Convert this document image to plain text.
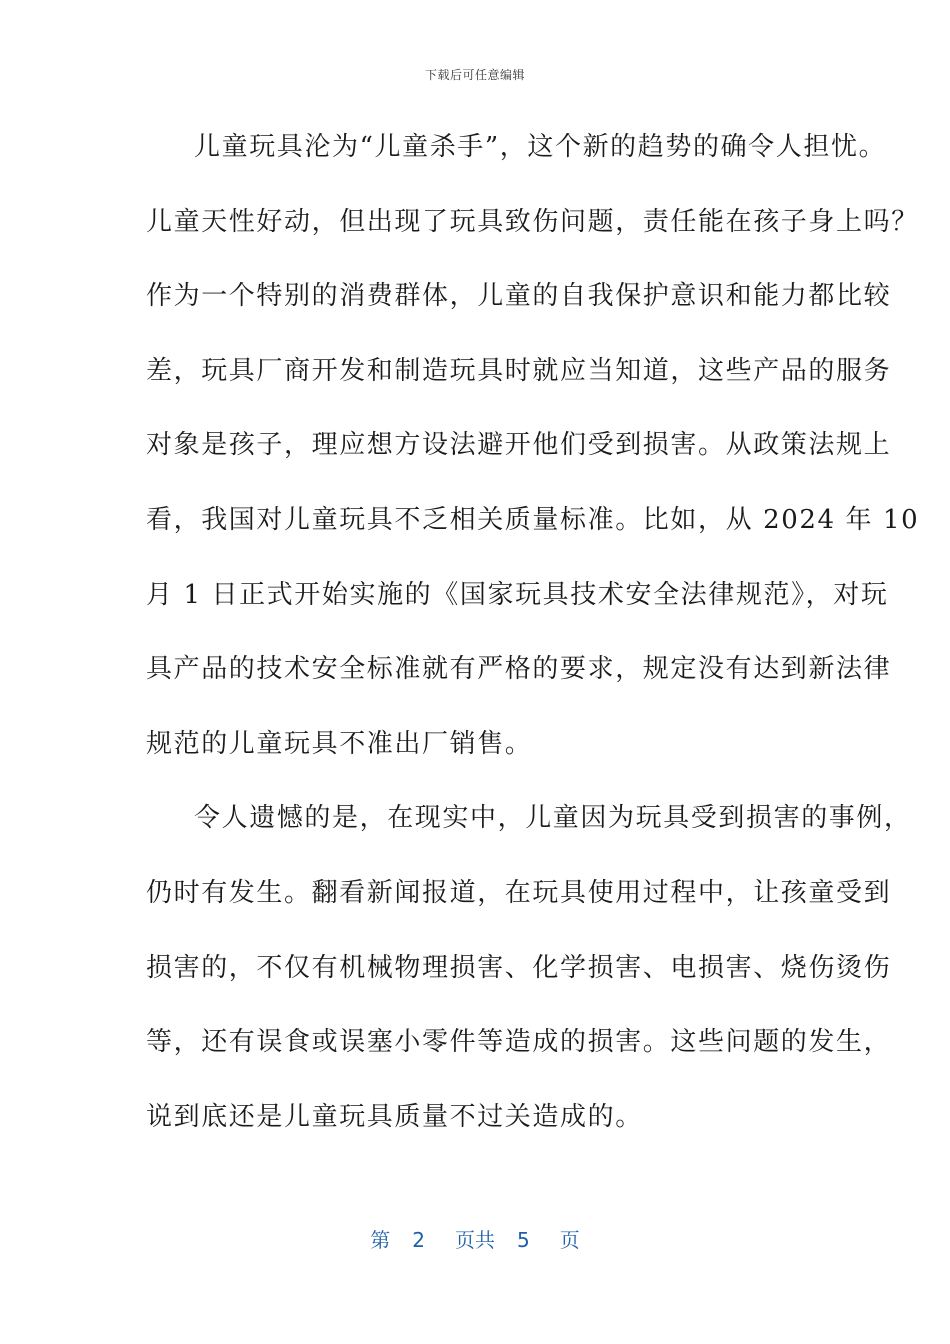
下载后可任意编辑
儿童玩具沦为“儿童杀手”，这个新的趋势的确令人担忧。
儿童天性好动，但出现了玩具致伤问题，责任能在孩子身上吗？
作为一个特别的消费群体，儿童的自我保护意识和能力都比较
差，玩具厂商开发和制造玩具时就应当知道，这些产品的服务
对象是孩子，理应想方设法避开他们受到损害。从政策法规上
看，我国对儿童玩具不乏相关质量标准。比如，从 2024 年 10
月 1 日正式开始实施的《国家玩具技术安全法律规范》，对玩
具产品的技术安全标准就有严格的要求，规定没有达到新法律
规范的儿童玩具不准出厂销售。
令人遗憾的是，在现实中，儿童因为玩具受到损害的事例，
仍时有发生。翻看新闻报道，在玩具使用过程中，让孩童受到
损害的，不仅有机械物理损害、化学损害、电损害、烧伤烫伤
等，还有误食或误塞小零件等造成的损害。这些问题的发生，
说到底还是儿童玩具质量不过关造成的。
第 2 页共 5 页
